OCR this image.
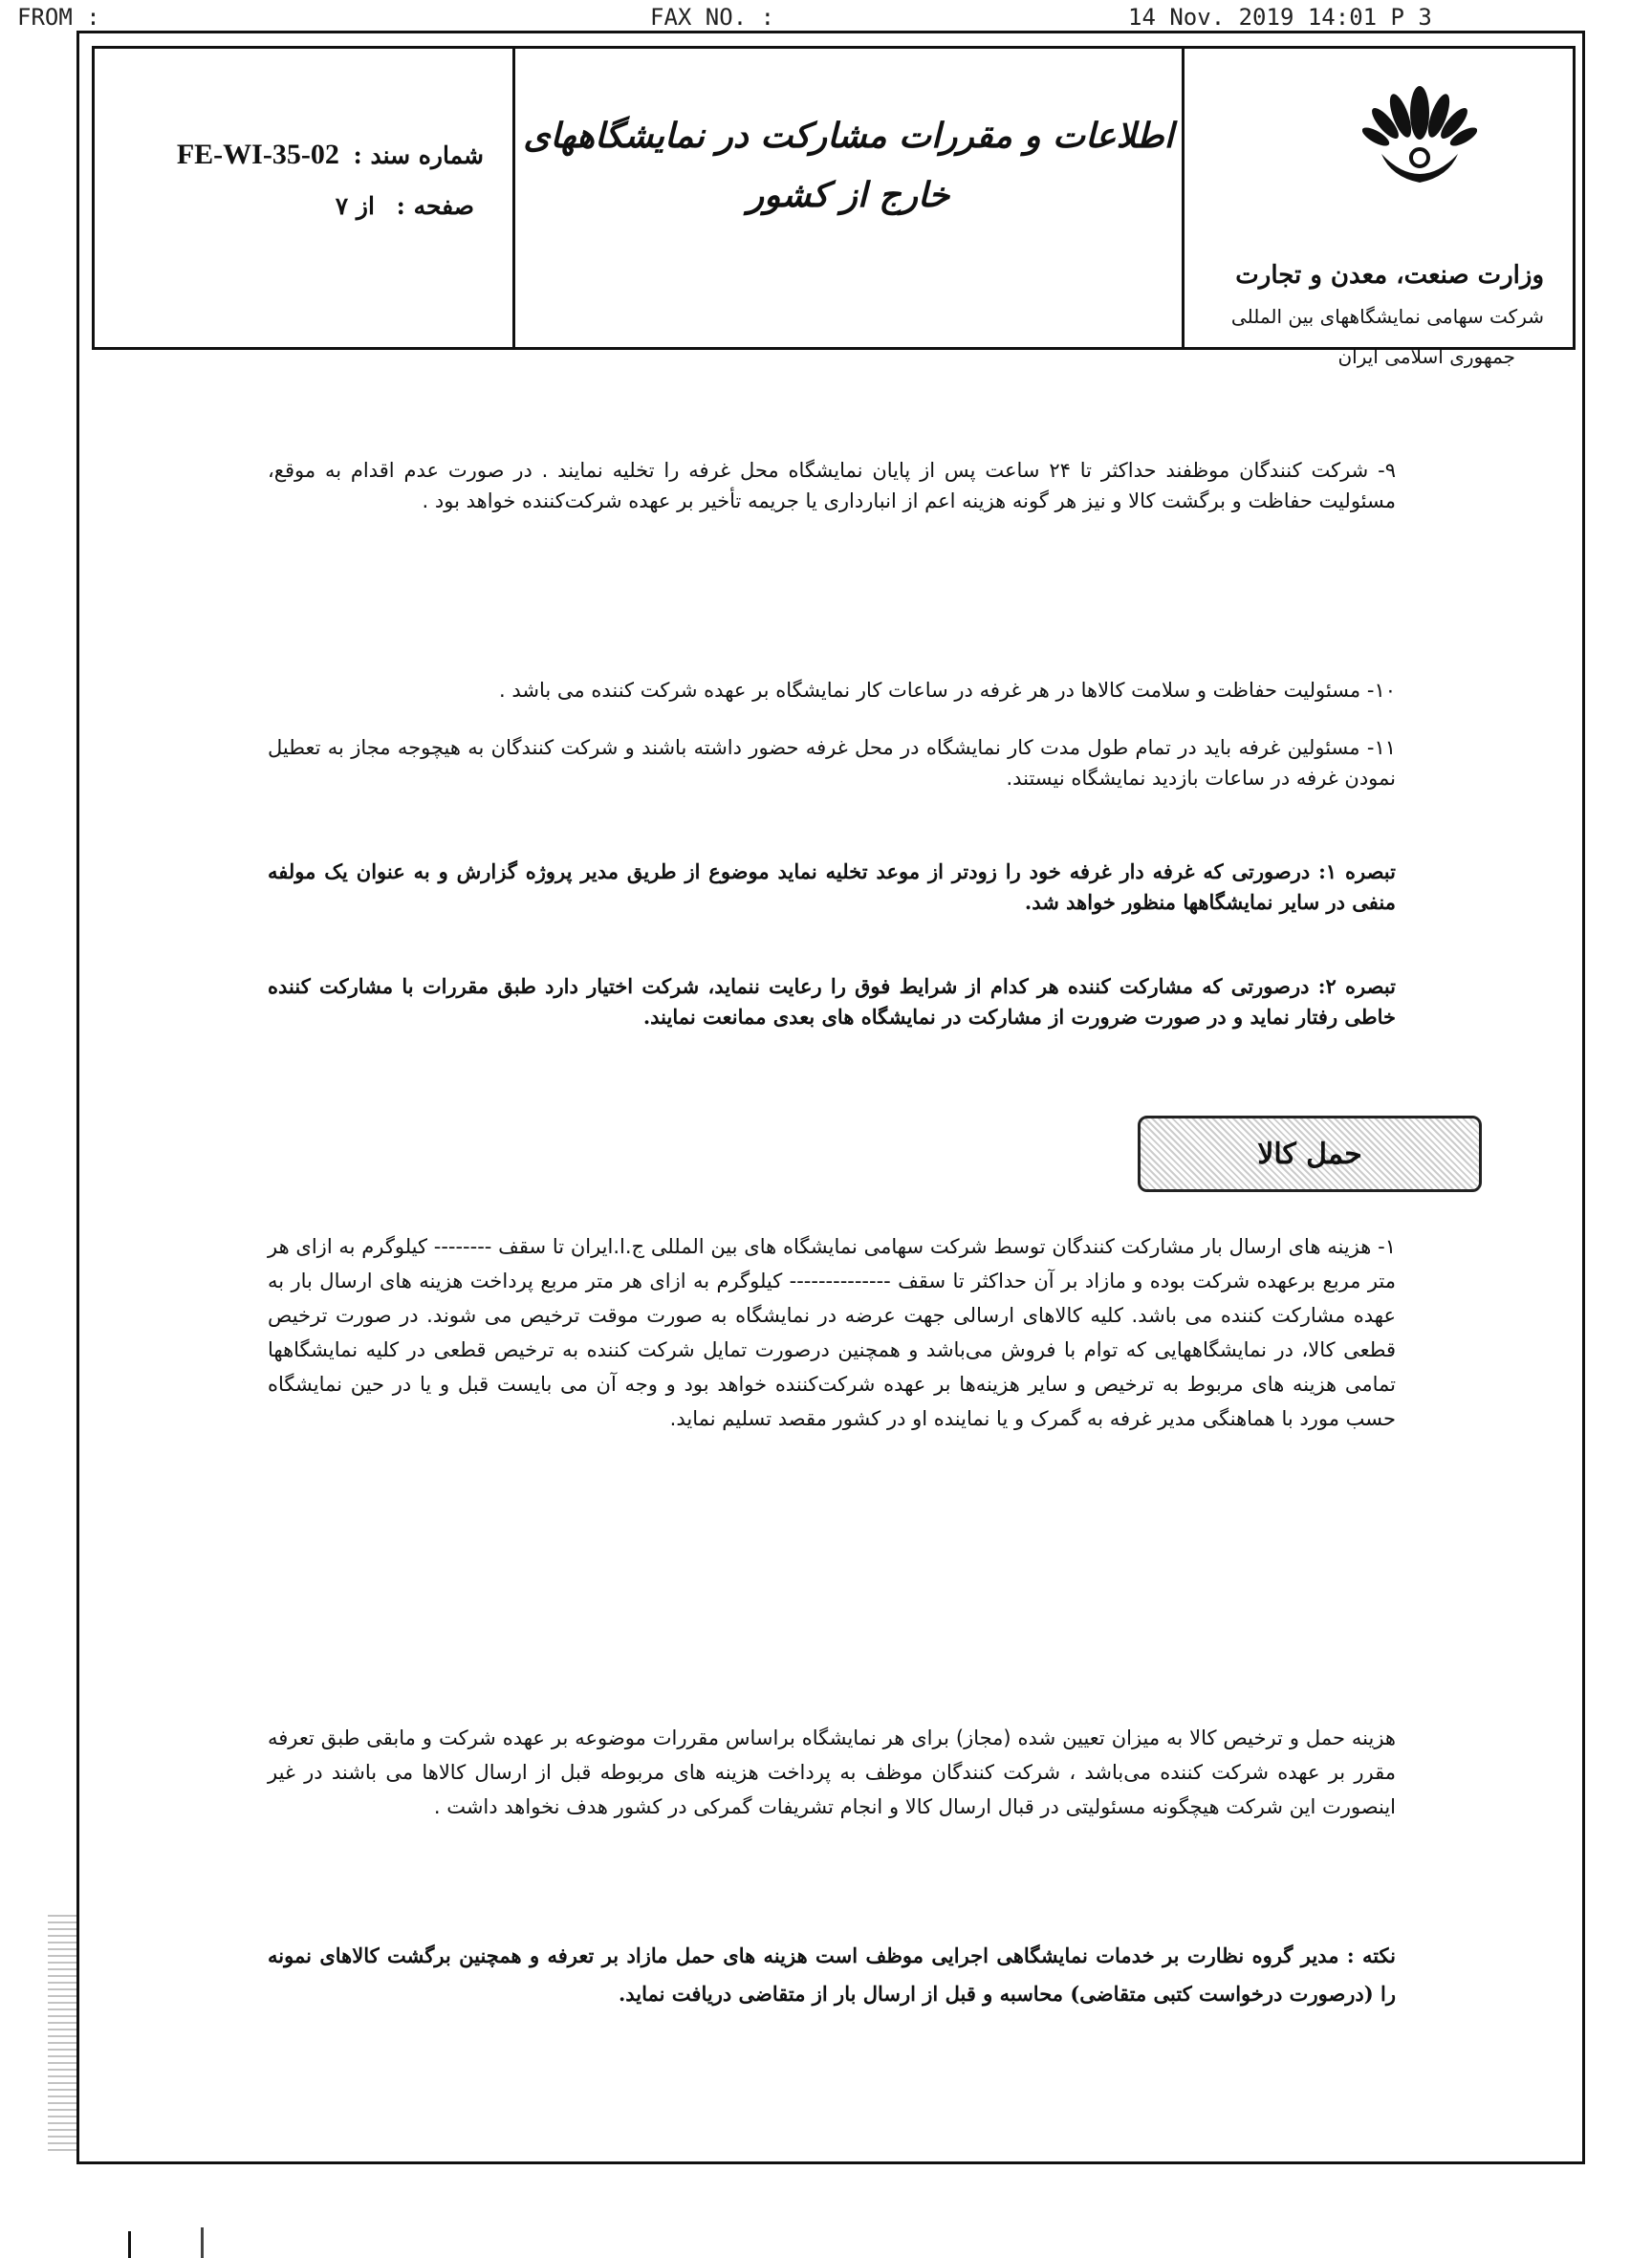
FROM :	FAX NO. :	14 Nov. 2019 14:01 P 3
شماره سند : FE-WI-35-02
صفحه : از ۷
اطلاعات و مقررات مشارکت در نمایشگاههای
خارج از کشور
وزارت صنعت، معدن و تجارت
شرکت سهامی نمایشگاههای بین المللی
جمهوری اسلامی ایران
۹- شرکت کنندگان موظفند حداکثر تا ۲۴ ساعت پس از پایان نمایشگاه محل غرفه را تخلیه نمایند . در صورت عدم اقدام به موقع، مسئولیت حفاظت و برگشت کالا و نیز هر گونه هزینه اعم از انبارداری یا جریمه تأخیر بر عهده شرکت‌کننده خواهد بود .
۱۰- مسئولیت حفاظت و سلامت کالاها در هر غرفه در ساعات کار نمایشگاه بر عهده شرکت کننده می باشد .
۱۱- مسئولین غرفه باید در تمام طول مدت کار نمایشگاه در محل غرفه حضور داشته باشند و شرکت کنندگان به هیچوجه مجاز به تعطیل نمودن غرفه در ساعات بازدید نمایشگاه نیستند.
تبصره ۱: درصورتی که غرفه دار غرفه خود را زودتر از موعد تخلیه نماید موضوع از طریق مدیر پروژه گزارش و به عنوان یک مولفه منفی در سایر نمایشگاهها منظور خواهد شد.
تبصره ۲: درصورتی که مشارکت کننده هر کدام از شرایط فوق را رعایت ننماید، شرکت اختیار دارد طبق مقررات با مشارکت کننده خاطی رفتار نماید و در صورت ضرورت از مشارکت در نمایشگاه های بعدی ممانعت نمایند.
حمل کالا
۱- هزینه های ارسال بار مشارکت کنندگان توسط شرکت سهامی نمایشگاه های بین المللی ج.ا.ایران تا سقف -------- کیلوگرم به ازای هر متر مربع برعهده شرکت بوده و مازاد بر آن حداکثر تا سقف -------------- کیلوگرم به ازای هر متر مربع پرداخت هزینه های ارسال بار به عهده مشارکت کننده می باشد. کلیه کالاهای ارسالی جهت عرضه در نمایشگاه به صورت موقت ترخیص می شوند. در صورت ترخیص قطعی کالا، در نمایشگاههایی که توام با فروش می‌باشد و همچنین درصورت تمایل شرکت کننده به ترخیص قطعی در کلیه نمایشگاهها تمامی هزینه های مربوط به ترخیص و سایر هزینه‌ها بر عهده شرکت‌کننده خواهد بود و وجه آن می بایست قبل و یا در حین نمایشگاه حسب مورد با هماهنگی مدیر غرفه به گمرک و یا نماینده او در کشور مقصد تسلیم نماید.
هزینه حمل و ترخیص کالا به میزان تعیین شده (مجاز) برای هر نمایشگاه براساس مقررات موضوعه بر عهده شرکت و مابقی طبق تعرفه مقرر بر عهده شرکت کننده می‌باشد ، شرکت کنندگان موظف به پرداخت هزینه های مربوطه قبل از ارسال کالاها می باشند در غیر اینصورت این شرکت هیچگونه مسئولیتی در قبال ارسال کالا و انجام تشریفات گمرکی در کشور هدف نخواهد داشت .
نکته : مدیر گروه نظارت بر خدمات نمایشگاهی اجرایی موظف است هزینه های حمل مازاد بر تعرفه و همچنین برگشت کالاهای نمونه را (درصورت درخواست کتبی متقاضی) محاسبه و قبل از ارسال بار از متقاضی دریافت نماید.
